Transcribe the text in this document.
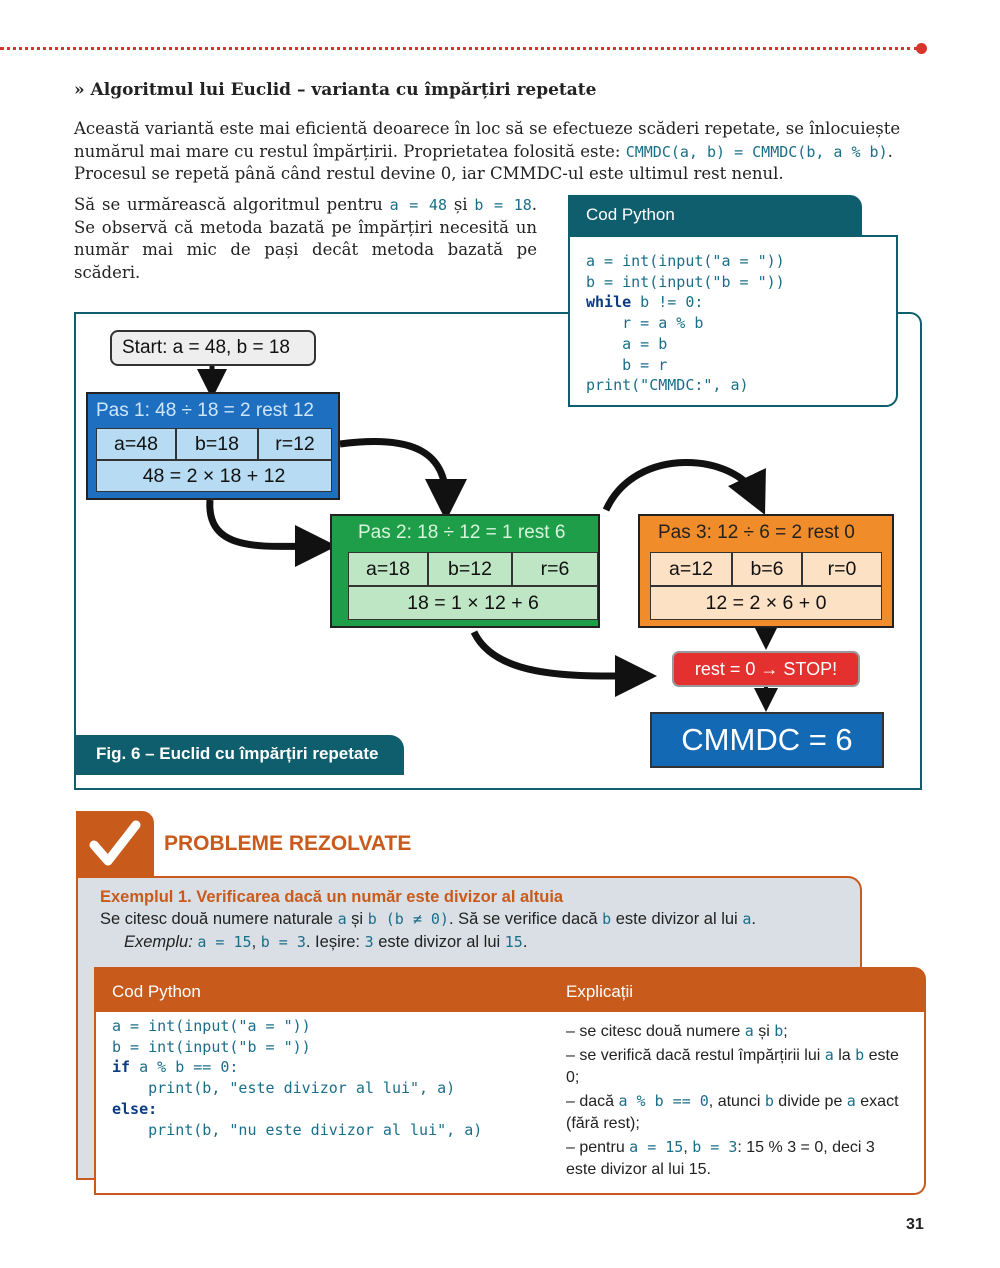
» Algoritmul lui Euclid – varianta cu împărțiri repetate

Această variantă este mai eficientă deoarece în loc să se efectueze scăderi repetate, se înlocuiește numărul mai mare cu restul împărțirii. Proprietatea folosită este: CMMDC(a, b) = CMMDC(b, a % b). Procesul se repetă până când restul devine 0, iar CMMDC-ul este ultimul rest nenul.

Să se urmărească algoritmul pentru a = 48 și b = 18. Se observă că metoda bazată pe împărțiri necesită un număr mai mic de pași decât metoda bazată pe scăderi.

Start: a = 48, b = 18
Pas 1: 48 ÷ 18 = 2 rest 12
a=48	b=18	r=12
48 = 2 × 18 + 12
Pas 2: 18 ÷ 12 = 1 rest 6
a=18	b=12	r=6
18 = 1 × 12 + 6
Pas 3: 12 ÷ 6 = 2 rest 0
a=12	b=6	r=0
12 = 2 × 6 + 0
rest = 0 → STOP!
CMMDC = 6
Fig. 6 – Euclid cu împărțiri repetate
Cod Python
a = int(input("a = "))
b = int(input("b = "))
while b != 0:
r = a % b
a = b
b = r
print("CMMDC:", a)
PROBLEME REZOLVATE
Exemplul 1. Verificarea dacă un număr este divizor al altuia
Se citesc două numere naturale a și b (b ≠ 0). Să se verifice dacă b este divizor al lui a.
Exemplu: a = 15, b = 3. Ieșire: 3 este divizor al lui 15.
Cod Python	Explicații
a = int(input("a = "))
b = int(input("b = "))
if a % b == 0:
print(b, "este divizor al lui", a)
else:
print(b, "nu este divizor al lui", a)
– se citesc două numere a și b;
– se verifică dacă restul împărțirii lui a la b este 0;
– dacă a % b == 0, atunci b divide pe a exact (fără rest);
– pentru a = 15, b = 3: 15 % 3 = 0, deci 3 este divizor al lui 15.
31
